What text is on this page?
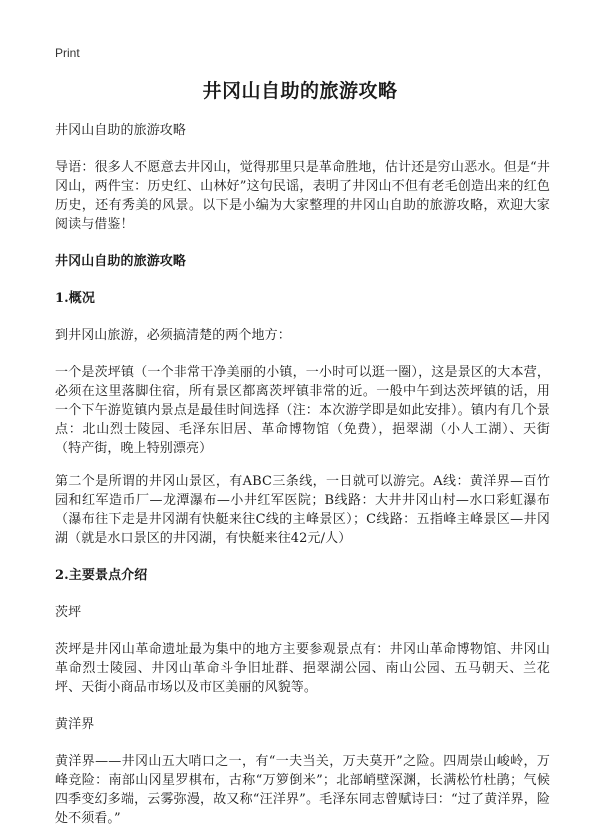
Print
井冈山自助的旅游攻略

井冈山自助的旅游攻略

导语：很多人不愿意去井冈山，觉得那里只是革命胜地，估计还是穷山恶水。但是“井冈山，两件宝：历史红、山林好”这句民谣，表明了井冈山不但有老毛创造出来的红色历史，还有秀美的风景。以下是小编为大家整理的井冈山自助的旅游攻略，欢迎大家阅读与借鉴！

井冈山自助的旅游攻略

1.概况

到井冈山旅游，必须搞清楚的两个地方：

一个是茨坪镇（一个非常干净美丽的小镇，一小时可以逛一圈），这是景区的大本营，必须在这里落脚住宿，所有景区都离茨坪镇非常的近。一般中午到达茨坪镇的话，用一个下午游览镇内景点是最佳时间选择（注：本次游学即是如此安排）。镇内有几个景点：北山烈士陵园、毛泽东旧居、革命博物馆（免费），挹翠湖（小人工湖）、天街（特产街，晚上特别漂亮）

第二个是所谓的井冈山景区，有ABC三条线，一日就可以游完。A线：黄洋界—百竹园和红军造币厂—龙潭瀑布—小井红军医院；B线路：大井井冈山村—水口彩虹瀑布（瀑布往下走是井冈湖有快艇来往C线的主峰景区）；C线路：五指峰主峰景区—井冈湖（就是水口景区的井冈湖，有快艇来往42元/人）

2.主要景点介绍

茨坪

茨坪是井冈山革命遗址最为集中的地方主要参观景点有：井冈山革命博物馆、井冈山革命烈士陵园、井冈山革命斗争旧址群、挹翠湖公园、南山公园、五马朝天、兰花坪、天街小商品市场以及市区美丽的风貌等。

黄洋界

黄洋界——井冈山五大哨口之一，有“一夫当关，万夫莫开”之险。四周崇山峻岭，万峰竞险：南部山冈星罗棋布，古称“万箩倒米”；北部峭壁深渊，长满松竹杜鹃；气候四季变幻多端，云雾弥漫，故又称“汪洋界”。毛泽东同志曾赋诗曰：“过了黄洋界，险处不须看。”
